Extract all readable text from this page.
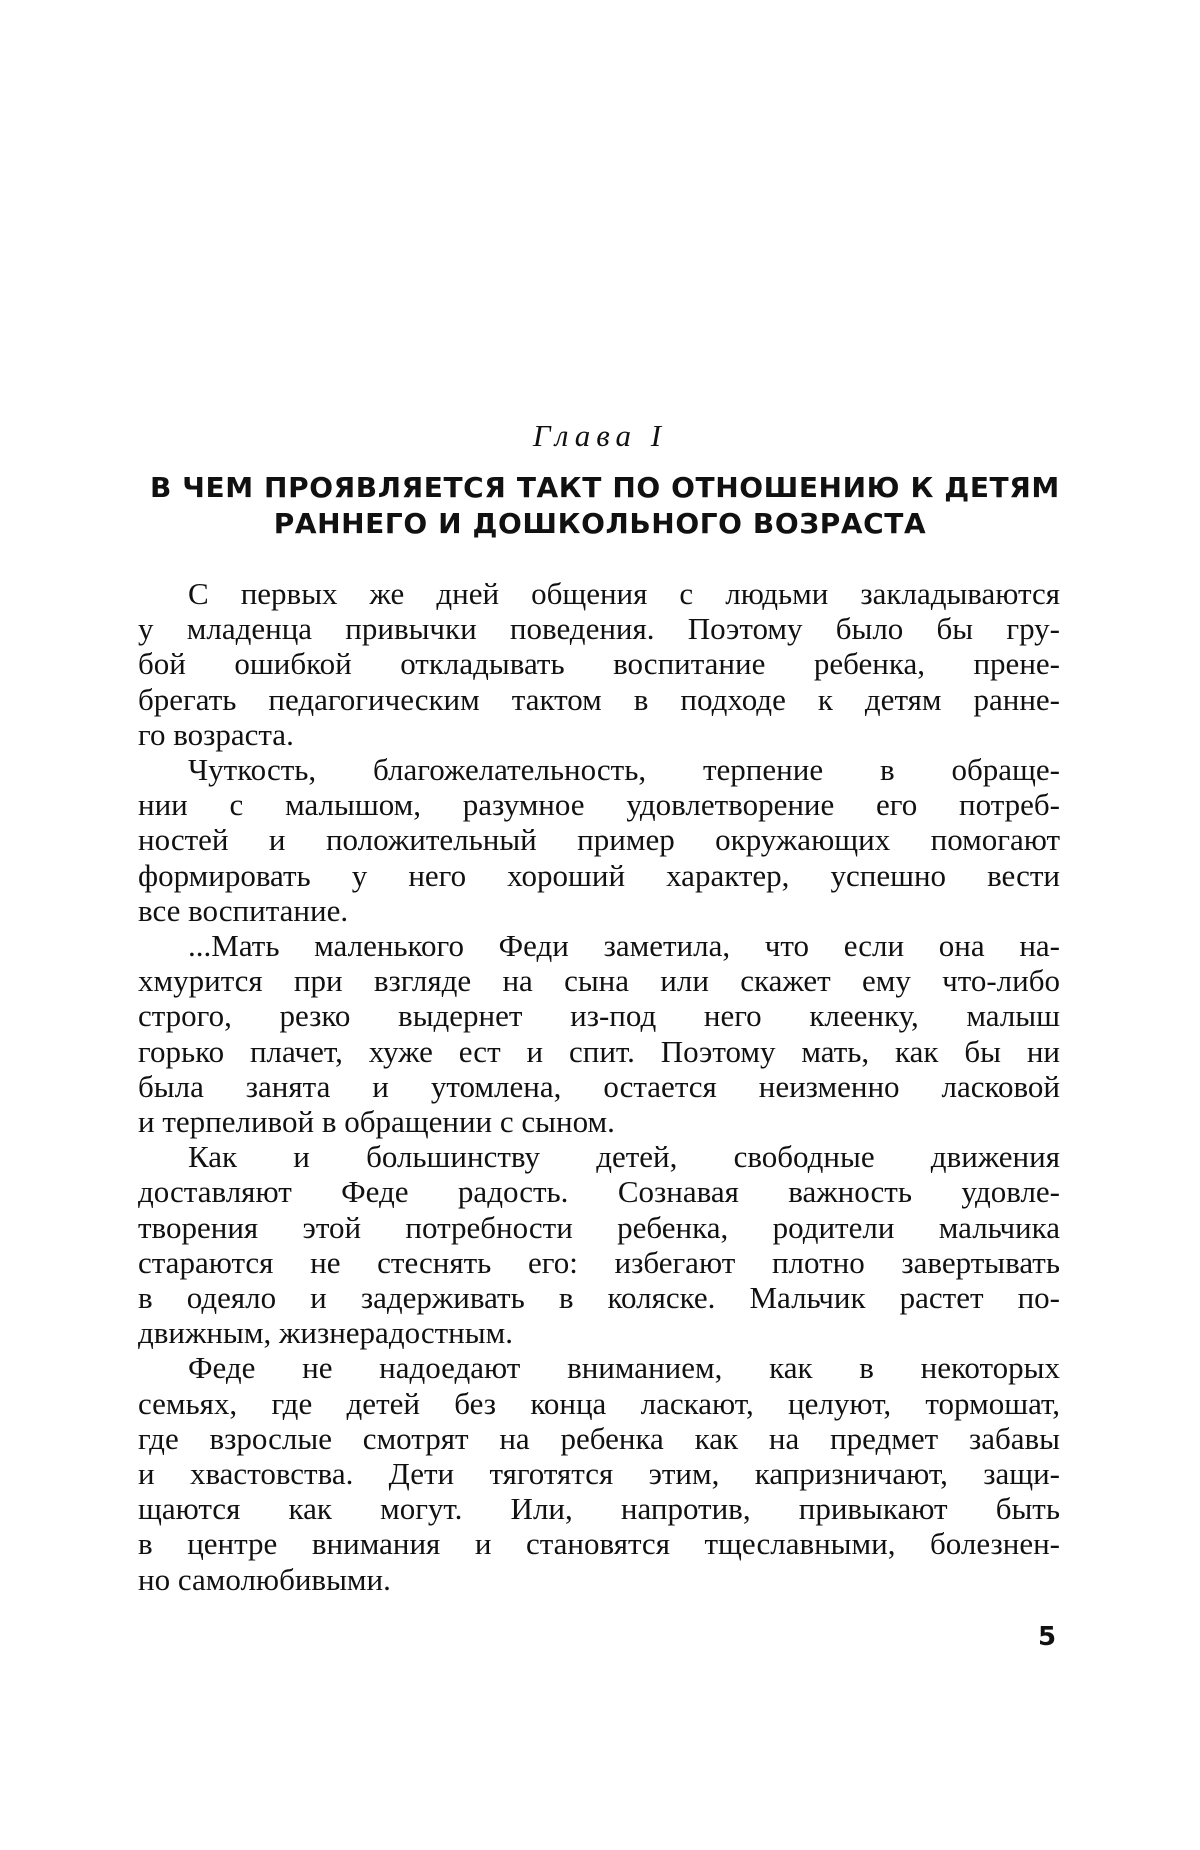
Глава I
В ЧЕМ ПРОЯВЛЯЕТСЯ ТАКТ ПО ОТНОШЕНИЮ К ДЕТЯМ
РАННЕГО И ДОШКОЛЬНОГО ВОЗРАСТА
С первых же дней общения с людьми закладываются
у младенца привычки поведения. Поэтому было бы гру-
бой ошибкой откладывать воспитание ребенка, прене-
брегать педагогическим тактом в подходе к детям ранне-
го возраста.
Чуткость, благожелательность, терпение в обраще-
нии с малышом, разумное удовлетворение его потреб-
ностей и положительный пример окружающих помогают
формировать у него хороший характер, успешно вести
все воспитание.
...Мать маленького Феди заметила, что если она на-
хмурится при взгляде на сына или скажет ему что-либо
строго, резко выдернет из-под него клеенку, малыш
горько плачет, хуже ест и спит. Поэтому мать, как бы ни
была занята и утомлена, остается неизменно ласковой
и терпеливой в обращении с сыном.
Как и большинству детей, свободные движения
доставляют Феде радость. Сознавая важность удовле-
творения этой потребности ребенка, родители мальчика
стараются не стеснять его: избегают плотно завертывать
в одеяло и задерживать в коляске. Мальчик растет по-
движным, жизнерадостным.
Феде не надоедают вниманием, как в некоторых
семьях, где детей без конца ласкают, целуют, тормошат,
где взрослые смотрят на ребенка как на предмет забавы
и хвастовства. Дети тяготятся этим, капризничают, защи-
щаются как могут. Или, напротив, привыкают быть
в центре внимания и становятся тщеславными, болезнен-
но самолюбивыми.
5
